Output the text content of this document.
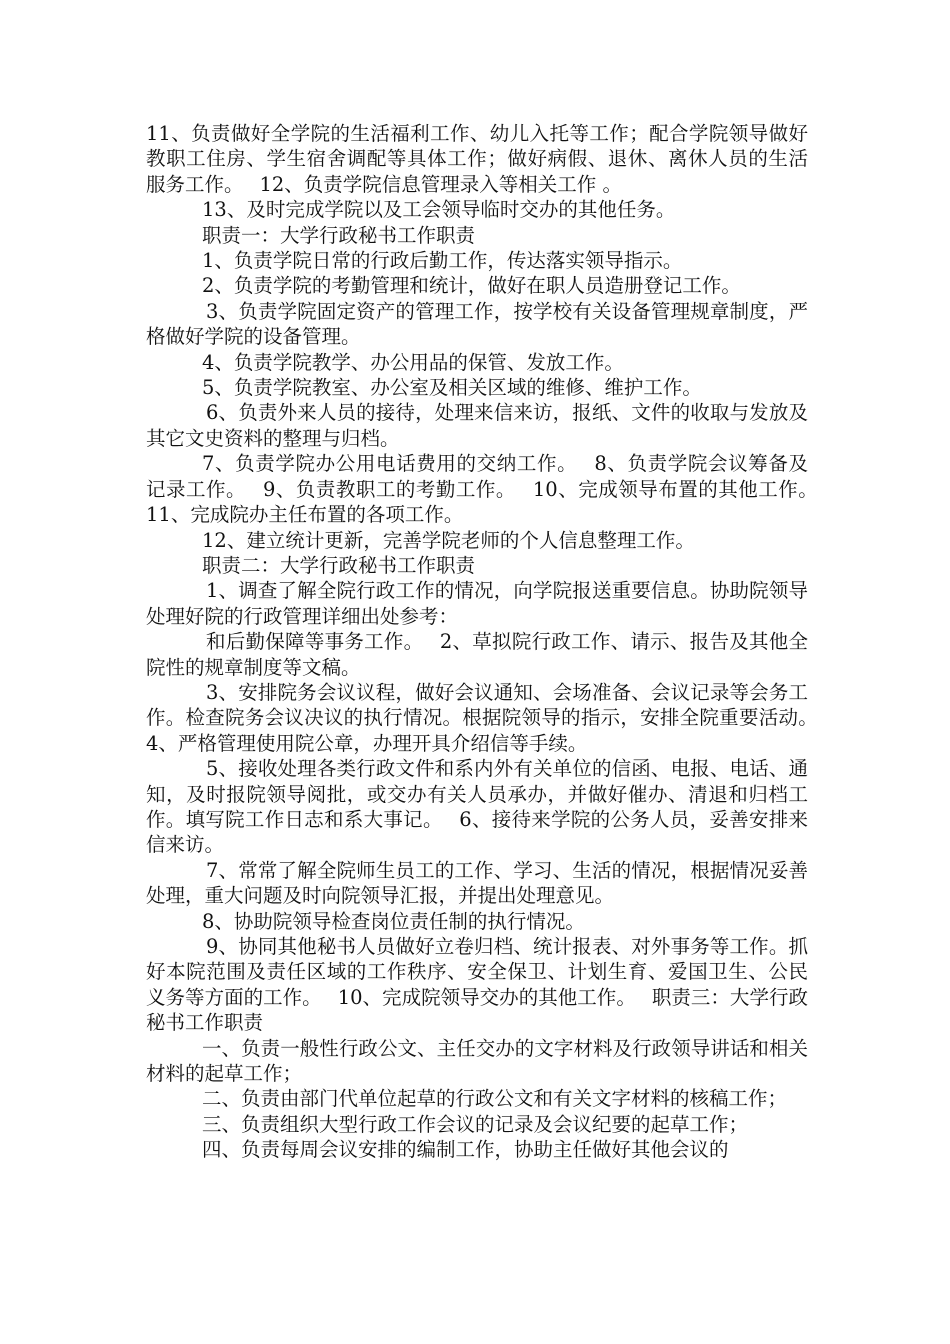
11、负责做好全学院的生活福利工作、幼儿入托等工作；配合学院领导做好教职工住房、学生宿舍调配等具体工作；做好病假、退休、离休人员的生活服务工作。　 12、负责学院信息管理录入等相关工作 。

13、及时完成学院以及工会领导临时交办的其他任务。

职责一：大学行政秘书工作职责

1、负责学院日常的行政后勤工作，传达落实领导指示。

2、负责学院的考勤管理和统计，做好在职人员造册登记工作。

3、负责学院固定资产的管理工作，按学校有关设备管理规章制度，严格做好学院的设备管理。

4、负责学院教学、办公用品的保管、发放工作。

5、负责学院教室、办公室及相关区域的维修、维护工作。

6、负责外来人员的接待，处理来信来访，报纸、文件的收取与发放及其它文史资料的整理与归档。

7、负责学院办公用电话费用的交纳工作。　 8、负责学院会议筹备及记录工作。　 9、负责教职工的考勤工作。　 10、完成领导布置的其他工作。　 11、完成院办主任布置的各项工作。

12、建立统计更新，完善学院老师的个人信息整理工作。

职责二：大学行政秘书工作职责

1、调查了解全院行政工作的情况，向学院报送重要信息。协助院领导处理好院的行政管理详细出处参考：

和后勤保障等事务工作。　 2、草拟院行政工作、请示、报告及其他全院性的规章制度等文稿。

3、安排院务会议议程，做好会议通知、会场准备、会议记录等会务工作。检查院务会议决议的执行情况。根据院领导的指示，安排全院重要活动。　 4、严格管理使用院公章，办理开具介绍信等手续。

5、接收处理各类行政文件和系内外有关单位的信函、电报、电话、通知，及时报院领导阅批，或交办有关人员承办，并做好催办、清退和归档工作。填写院工作日志和系大事记。　 6、接待来学院的公务人员，妥善安排来信来访。

7、常常了解全院师生员工的工作、学习、生活的情况，根据情况妥善处理，重大问题及时向院领导汇报，并提出处理意见。

8、协助院领导检查岗位责任制的执行情况。

9、协同其他秘书人员做好立卷归档、统计报表、对外事务等工作。抓好本院范围及责任区域的工作秩序、安全保卫、计划生育、爱国卫生、公民义务等方面的工作。　 10、完成院领导交办的其他工作。　 职责三：大学行政秘书工作职责

一、负责一般性行政公文、主任交办的文字材料及行政领导讲话和相关材料的起草工作；

二、负责由部门代单位起草的行政公文和有关文字材料的核稿工作；

三、负责组织大型行政工作会议的记录及会议纪要的起草工作；

四、负责每周会议安排的编制工作，协助主任做好其他会议的
